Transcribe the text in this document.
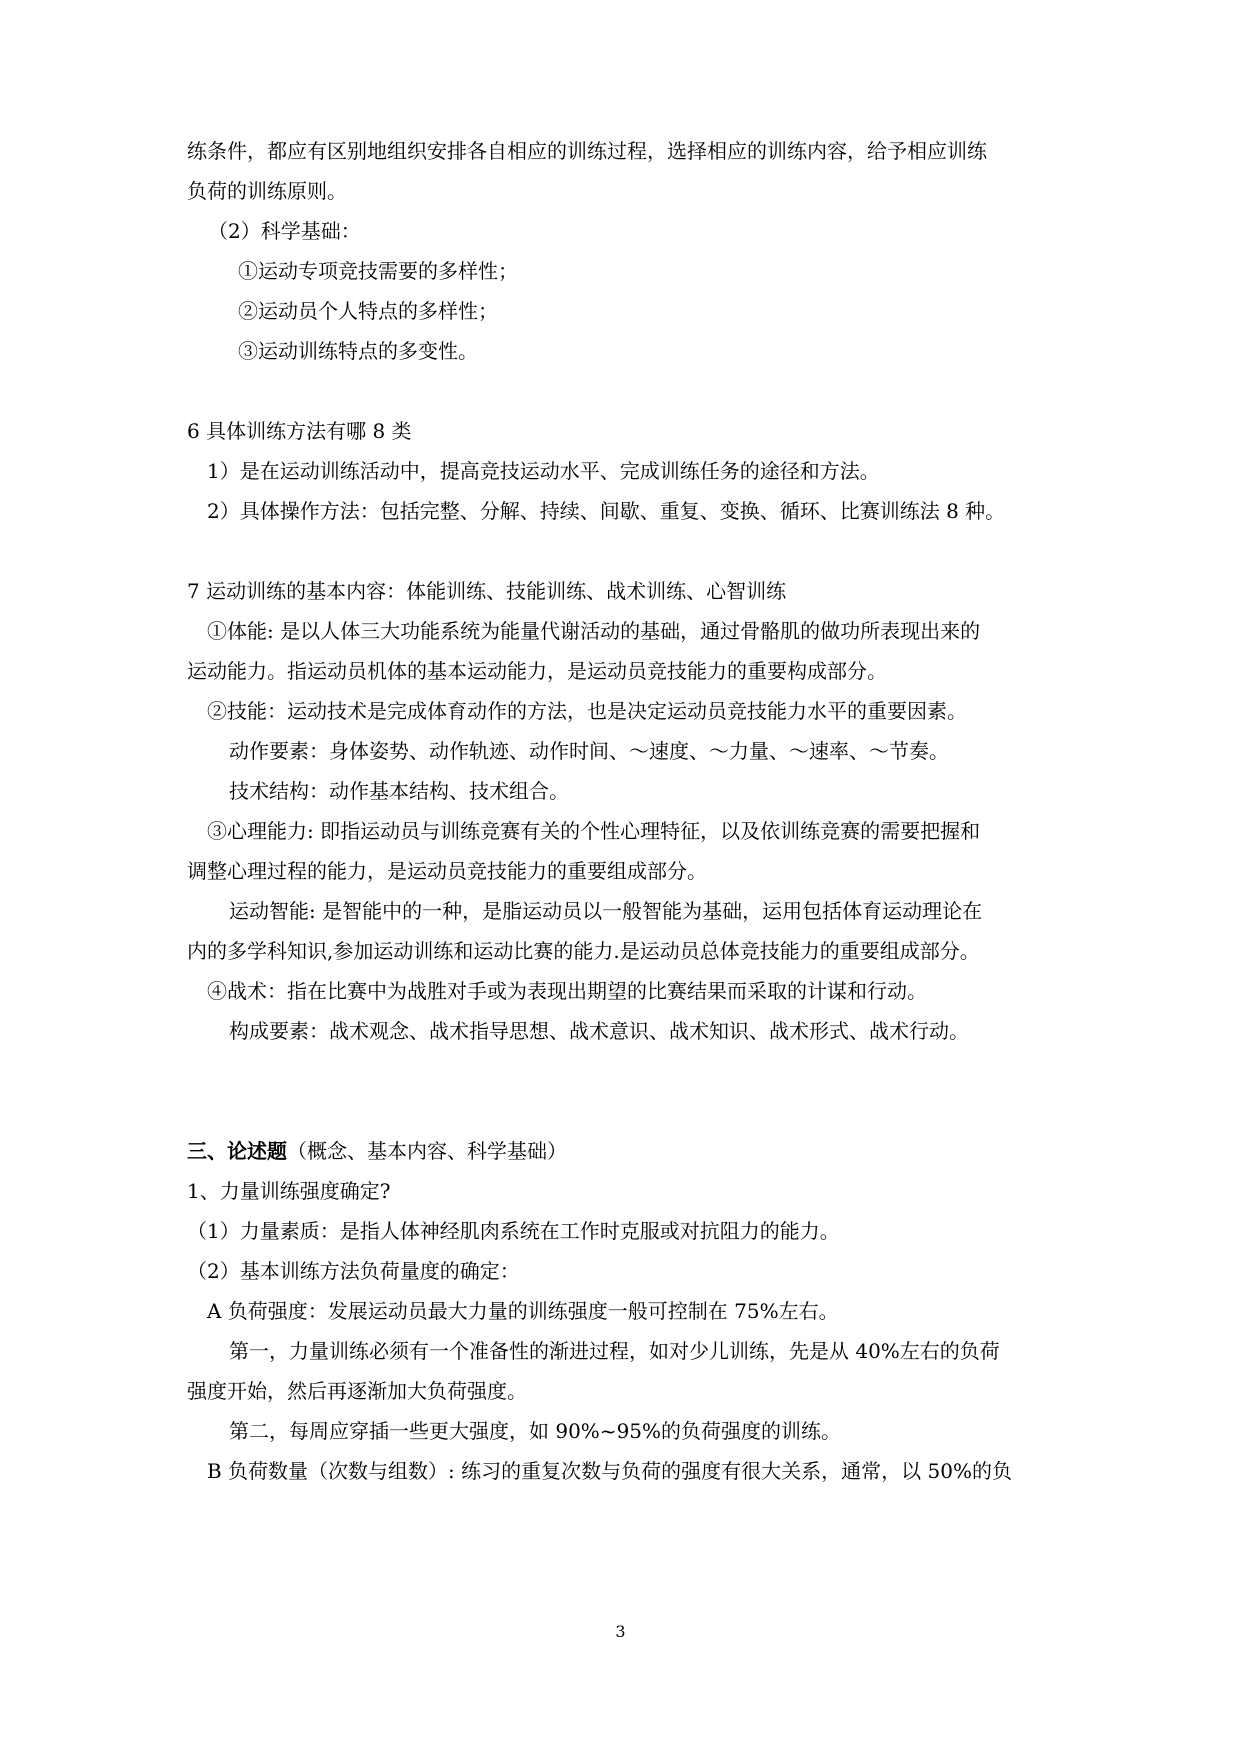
练条件，都应有区别地组织安排各自相应的训练过程，选择相应的训练内容，给予相应训练
负荷的训练原则。
（2）科学基础：
①运动专项竞技需要的多样性；
②运动员个人特点的多样性；
③运动训练特点的多变性。
6 具体训练方法有哪 8 类
1）是在运动训练活动中，提高竞技运动水平、完成训练任务的途径和方法。
2）具体操作方法：包括完整、分解、持续、间歇、重复、变换、循环、比赛训练法 8 种。
7 运动训练的基本内容：体能训练、技能训练、战术训练、心智训练
①体能: 是以人体三大功能系统为能量代谢活动的基础，通过骨骼肌的做功所表现出来的
运动能力。指运动员机体的基本运动能力，是运动员竞技能力的重要构成部分。
②技能：运动技术是完成体育动作的方法，也是决定运动员竞技能力水平的重要因素。
动作要素：身体姿势、动作轨迹、动作时间、～速度、～力量、～速率、～节奏。
技术结构：动作基本结构、技术组合。
③心理能力: 即指运动员与训练竞赛有关的个性心理特征，以及依训练竞赛的需要把握和
调整心理过程的能力，是运动员竞技能力的重要组成部分。
运动智能: 是智能中的一种，是脂运动员以一般智能为基础，运用包括体育运动理论在
内的多学科知识,参加运动训练和运动比赛的能力.是运动员总体竞技能力的重要组成部分。
④战术：指在比赛中为战胜对手或为表现出期望的比赛结果而采取的计谋和行动。
构成要素：战术观念、战术指导思想、战术意识、战术知识、战术形式、战术行动。
三、论述题（概念、基本内容、科学基础）
1、力量训练强度确定?
（1）力量素质：是指人体神经肌肉系统在工作时克服或对抗阻力的能力。
（2）基本训练方法负荷量度的确定：
A 负荷强度：发展运动员最大力量的训练强度一般可控制在 75%左右。
第一，力量训练必须有一个准备性的渐进过程，如对少儿训练，先是从 40%左右的负荷
强度开始，然后再逐渐加大负荷强度。
第二，每周应穿插一些更大强度，如 90%~95%的负荷强度的训练。
B 负荷数量（次数与组数）: 练习的重复次数与负荷的强度有很大关系，通常，以 50%的负
3
